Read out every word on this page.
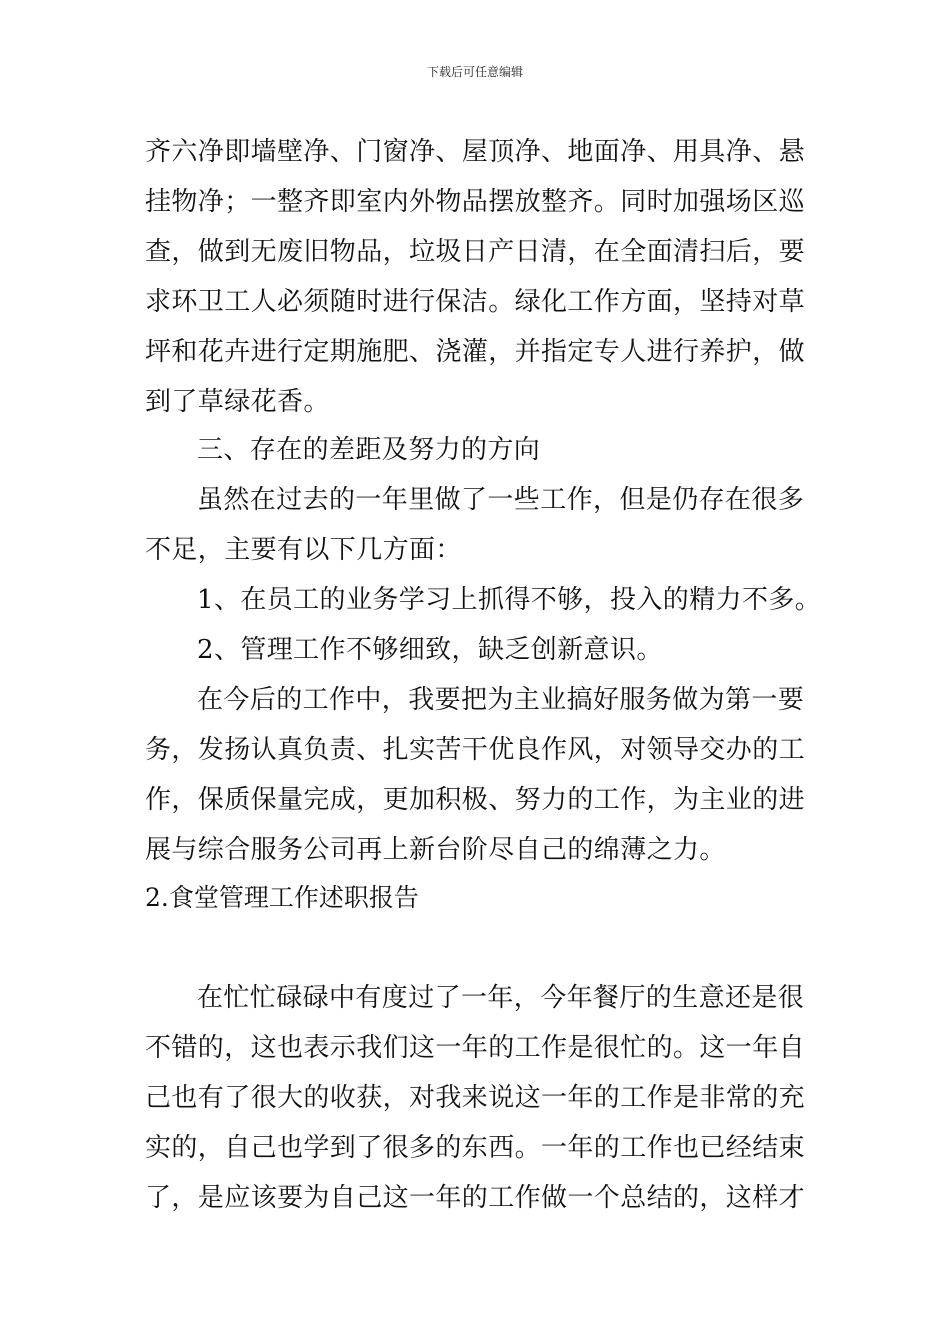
下载后可任意编辑
齐六净即墙壁净、门窗净、屋顶净、地面净、用具净、悬
挂物净；一整齐即室内外物品摆放整齐。同时加强场区巡
查，做到无废旧物品，垃圾日产日清，在全面清扫后，要
求环卫工人必须随时进行保洁。绿化工作方面，坚持对草
坪和花卉进行定期施肥、浇灌，并指定专人进行养护，做
到了草绿花香。
三、存在的差距及努力的方向
虽然在过去的一年里做了一些工作，但是仍存在很多
不足，主要有以下几方面：
1、在员工的业务学习上抓得不够，投入的精力不多。
2、管理工作不够细致，缺乏创新意识。
在今后的工作中，我要把为主业搞好服务做为第一要
务，发扬认真负责、扎实苦干优良作风，对领导交办的工
作，保质保量完成，更加积极、努力的工作，为主业的进
展与综合服务公司再上新台阶尽自己的绵薄之力。
2.食堂管理工作述职报告
在忙忙碌碌中有度过了一年，今年餐厅的生意还是很
不错的，这也表示我们这一年的工作是很忙的。这一年自
己也有了很大的收获，对我来说这一年的工作是非常的充
实的，自己也学到了很多的东西。一年的工作也已经结束
了，是应该要为自己这一年的工作做一个总结的，这样才
